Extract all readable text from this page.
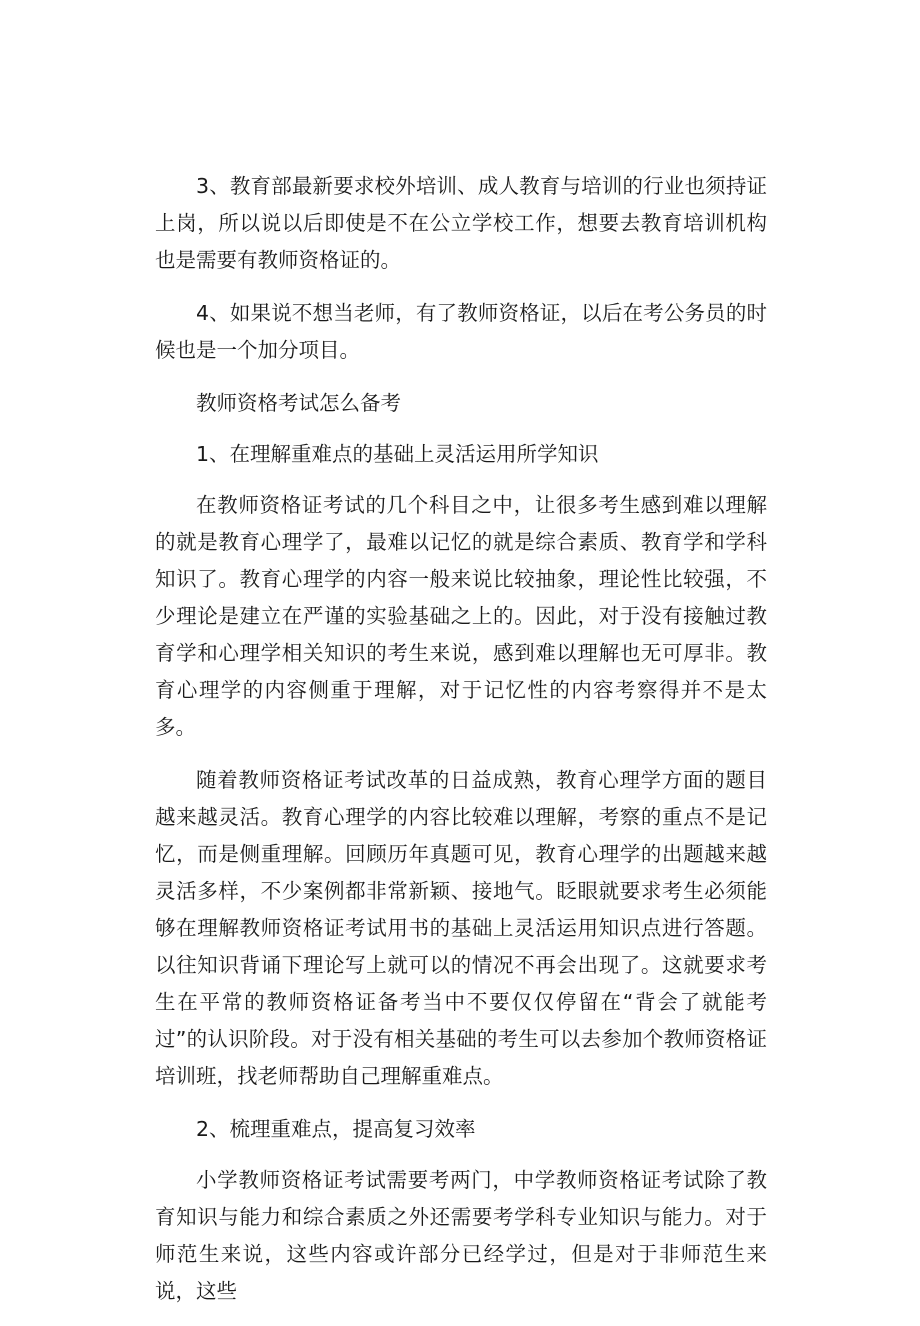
3、教育部最新要求校外培训、成人教育与培训的行业也须持证上岗，所以说以后即使是不在公立学校工作，想要去教育培训机构也是需要有教师资格证的。

4、如果说不想当老师，有了教师资格证，以后在考公务员的时候也是一个加分项目。

教师资格考试怎么备考

1、在理解重难点的基础上灵活运用所学知识

在教师资格证考试的几个科目之中，让很多考生感到难以理解的就是教育心理学了，最难以记忆的就是综合素质、教育学和学科知识了。教育心理学的内容一般来说比较抽象，理论性比较强，不少理论是建立在严谨的实验基础之上的。因此，对于没有接触过教育学和心理学相关知识的考生来说，感到难以理解也无可厚非。教育心理学的内容侧重于理解，对于记忆性的内容考察得并不是太多。

随着教师资格证考试改革的日益成熟，教育心理学方面的题目越来越灵活。教育心理学的内容比较难以理解，考察的重点不是记忆，而是侧重理解。回顾历年真题可见，教育心理学的出题越来越灵活多样，不少案例都非常新颖、接地气。眨眼就要求考生必须能够在理解教师资格证考试用书的基础上灵活运用知识点进行答题。以往知识背诵下理论写上就可以的情况不再会出现了。这就要求考生在平常的教师资格证备考当中不要仅仅停留在“背会了就能考过”的认识阶段。对于没有相关基础的考生可以去参加个教师资格证培训班，找老师帮助自己理解重难点。

2、梳理重难点，提高复习效率

小学教师资格证考试需要考两门，中学教师资格证考试除了教育知识与能力和综合素质之外还需要考学科专业知识与能力。对于师范生来说，这些内容或许部分已经学过，但是对于非师范生来说，这些
